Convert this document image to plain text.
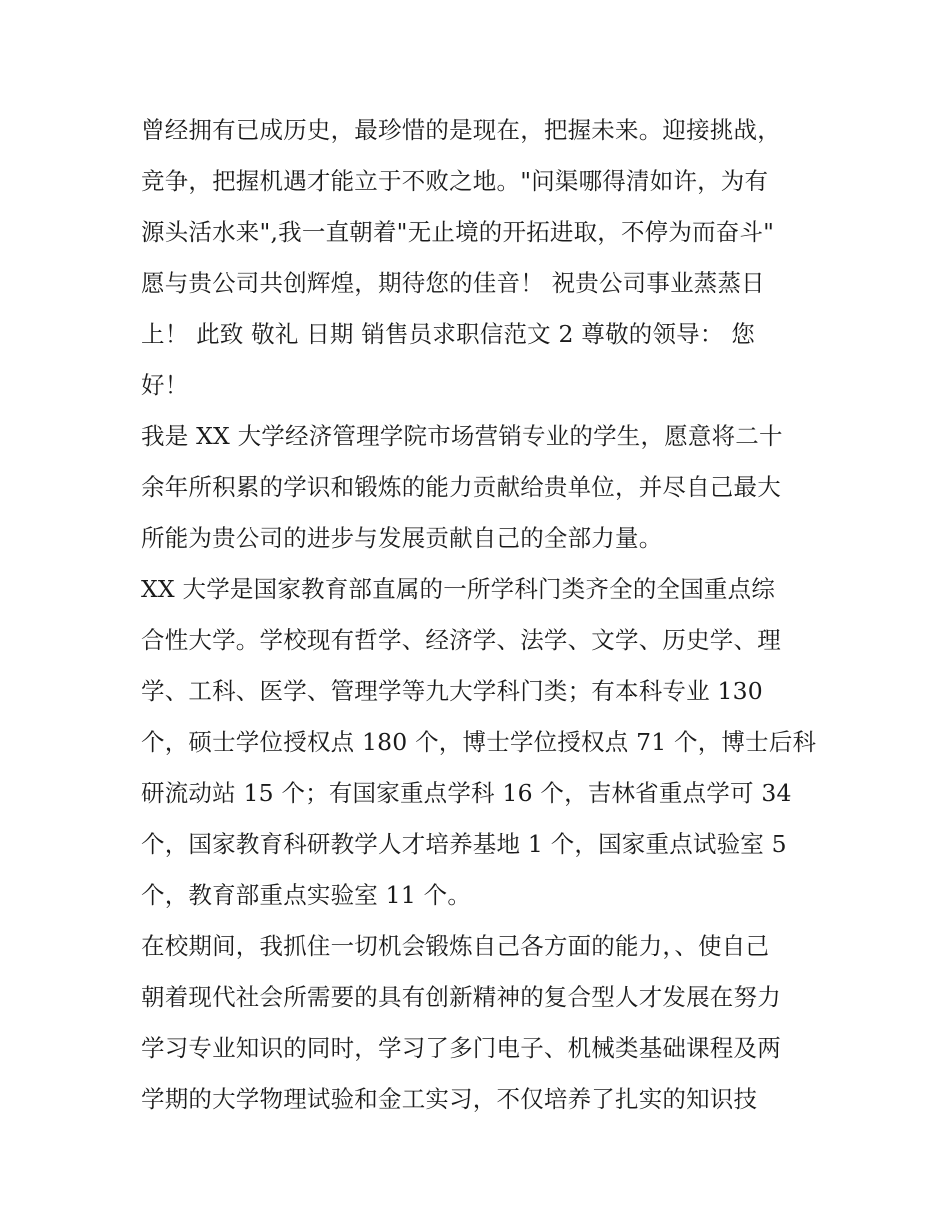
曾经拥有已成历史，最珍惜的是现在，把握未来。迎接挑战，
竞争，把握机遇才能立于不败之地。"问渠哪得清如许，为有
源头活水来",我一直朝着"无止境的开拓进取，不停为而奋斗"
愿与贵公司共创辉煌，期待您的佳音！ 祝贵公司事业蒸蒸日
上！ 此致 敬礼 日期 销售员求职信范文 2 尊敬的领导： 您
好！
我是 XX 大学经济管理学院市场营销专业的学生，愿意将二十
余年所积累的学识和锻炼的能力贡献给贵单位，并尽自己最大
所能为贵公司的进步与发展贡献自己的全部力量。
XX 大学是国家教育部直属的一所学科门类齐全的全国重点综
合性大学。学校现有哲学、经济学、法学、文学、历史学、理
学、工科、医学、管理学等九大学科门类；有本科专业 130
个，硕士学位授权点 180 个，博士学位授权点 71 个，博士后科
研流动站 15 个；有国家重点学科 16 个，吉林省重点学可 34
个，国家教育科研教学人才培养基地 1 个，国家重点试验室 5
个，教育部重点实验室 11 个。
在校期间，我抓住一切机会锻炼自己各方面的能力，、使自己
朝着现代社会所需要的具有创新精神的复合型人才发展在努力
学习专业知识的同时，学习了多门电子、机械类基础课程及两
学期的大学物理试验和金工实习，不仅培养了扎实的知识技
